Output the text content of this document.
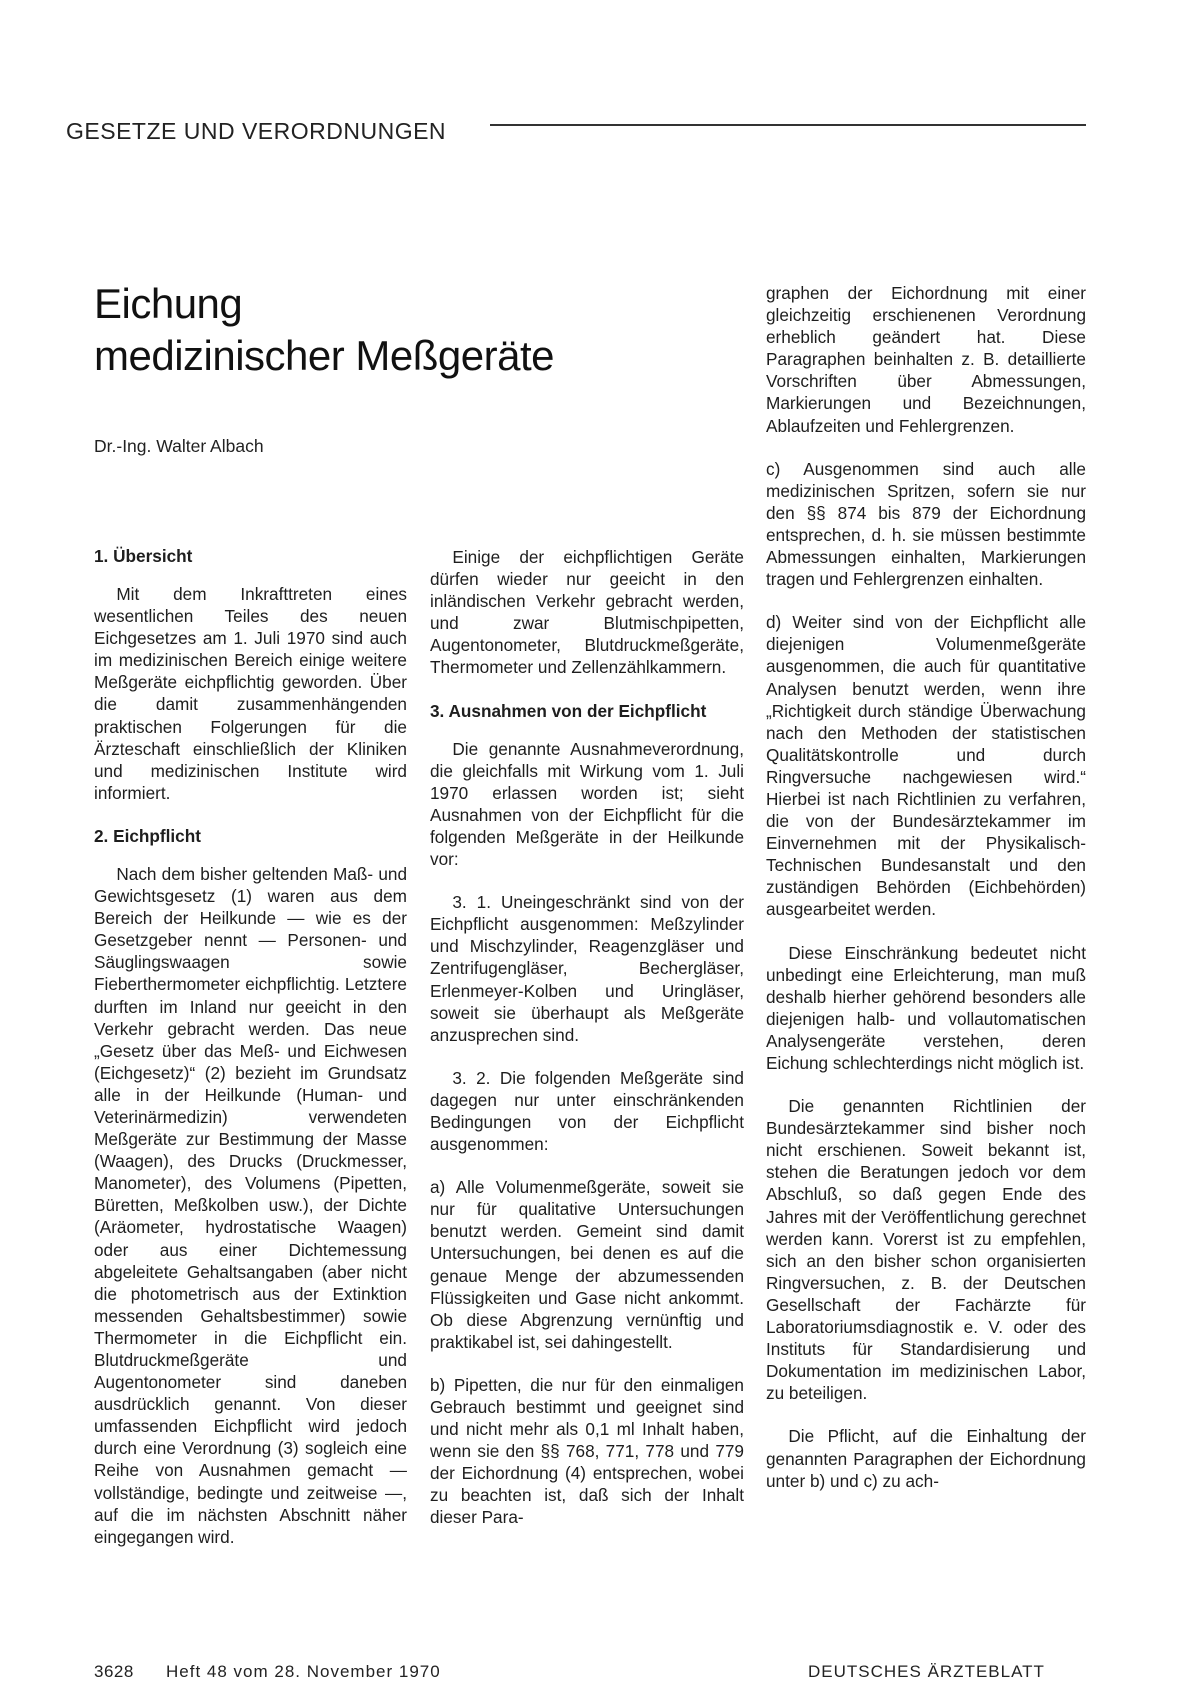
GESETZE UND VERORDNUNGEN
Eichung
medizinischer Meßgeräte
Dr.-Ing. Walter Albach
1. Übersicht

Mit dem Inkrafttreten eines wesentlichen Teiles des neuen Eichgesetzes am 1. Juli 1970 sind auch im medizinischen Bereich einige weitere Meßgeräte eichpflichtig geworden. Über die damit zusammenhängenden praktischen Folgerungen für die Ärzteschaft einschließlich der Kliniken und medizinischen Institute wird informiert.

2. Eichpflicht

Nach dem bisher geltenden Maß- und Gewichtsgesetz (1) waren aus dem Bereich der Heilkunde — wie es der Gesetzgeber nennt — Personen- und Säuglingswaagen sowie Fieberthermometer eichpflichtig. Letztere durften im Inland nur geeicht in den Verkehr gebracht werden. Das neue „Gesetz über das Meß- und Eichwesen (Eichgesetz)“ (2) bezieht im Grundsatz alle in der Heilkunde (Human- und Veterinärmedizin) verwendeten Meßgeräte zur Bestimmung der Masse (Waagen), des Drucks (Druckmesser, Manometer), des Volumens (Pipetten, Büretten, Meßkolben usw.), der Dichte (Aräometer, hydrostatische Waagen) oder aus einer Dichtemessung abgeleitete Gehaltsangaben (aber nicht die photometrisch aus der Extinktion messenden Gehaltsbestimmer) sowie Thermometer in die Eichpflicht ein. Blutdruckmeßgeräte und Augentonometer sind daneben ausdrücklich genannt. Von dieser umfassenden Eichpflicht wird jedoch durch eine Verordnung (3) sogleich eine Reihe von Ausnahmen gemacht — vollständige, bedingte und zeitweise —, auf die im nächsten Abschnitt näher eingegangen wird.

Einige der eichpflichtigen Geräte dürfen wieder nur geeicht in den inländischen Verkehr gebracht werden, und zwar Blutmischpipetten, Augentonometer, Blutdruckmeßgeräte, Thermometer und Zellenzählkammern.

3. Ausnahmen von der Eichpflicht

Die genannte Ausnahmeverordnung, die gleichfalls mit Wirkung vom 1. Juli 1970 erlassen worden ist; sieht Ausnahmen von der Eichpflicht für die folgenden Meßgeräte in der Heilkunde vor:

3. 1. Uneingeschränkt sind von der Eichpflicht ausgenommen: Meßzylinder und Mischzylinder, Reagenzgläser und Zentrifugengläser, Bechergläser, Erlenmeyer-Kolben und Uringläser, soweit sie überhaupt als Meßgeräte anzusprechen sind.

3. 2. Die folgenden Meßgeräte sind dagegen nur unter einschränkenden Bedingungen von der Eichpflicht ausgenommen:

a) Alle Volumenmeßgeräte, soweit sie nur für qualitative Untersuchungen benutzt werden. Gemeint sind damit Untersuchungen, bei denen es auf die genaue Menge der abzumessenden Flüssigkeiten und Gase nicht ankommt. Ob diese Abgrenzung vernünftig und praktikabel ist, sei dahingestellt.

b) Pipetten, die nur für den einmaligen Gebrauch bestimmt und geeignet sind und nicht mehr als 0,1 ml Inhalt haben, wenn sie den §§ 768, 771, 778 und 779 der Eichordnung (4) entsprechen, wobei zu beachten ist, daß sich der Inhalt dieser Para-

graphen der Eichordnung mit einer gleichzeitig erschienenen Verordnung erheblich geändert hat. Diese Paragraphen beinhalten z. B. detaillierte Vorschriften über Abmessungen, Markierungen und Bezeichnungen, Ablaufzeiten und Fehlergrenzen.

c) Ausgenommen sind auch alle medizinischen Spritzen, sofern sie nur den §§ 874 bis 879 der Eichordnung entsprechen, d. h. sie müssen bestimmte Abmessungen einhalten, Markierungen tragen und Fehlergrenzen einhalten.

d) Weiter sind von der Eichpflicht alle diejenigen Volumenmeßgeräte ausgenommen, die auch für quantitative Analysen benutzt werden, wenn ihre „Richtigkeit durch ständige Überwachung nach den Methoden der statistischen Qualitätskontrolle und durch Ringversuche nachgewiesen wird.“ Hierbei ist nach Richtlinien zu verfahren, die von der Bundesärztekammer im Einvernehmen mit der Physikalisch-Technischen Bundesanstalt und den zuständigen Behörden (Eichbehörden) ausgearbeitet werden.

Diese Einschränkung bedeutet nicht unbedingt eine Erleichterung, man muß deshalb hierher gehörend besonders alle diejenigen halb- und vollautomatischen Analysengeräte verstehen, deren Eichung schlechterdings nicht möglich ist.

Die genannten Richtlinien der Bundesärztekammer sind bisher noch nicht erschienen. Soweit bekannt ist, stehen die Beratungen jedoch vor dem Abschluß, so daß gegen Ende des Jahres mit der Veröffentlichung gerechnet werden kann. Vorerst ist zu empfehlen, sich an den bisher schon organisierten Ringversuchen, z. B. der Deutschen Gesellschaft der Fachärzte für Laboratoriumsdiagnostik e. V. oder des Instituts für Standardisierung und Dokumentation im medizinischen Labor, zu beteiligen.

Die Pflicht, auf die Einhaltung der genannten Paragraphen der Eichordnung unter b) und c) zu ach-

3628 Heft 48 vom 28. November 1970	DEUTSCHES ÄRZTEBLATT
